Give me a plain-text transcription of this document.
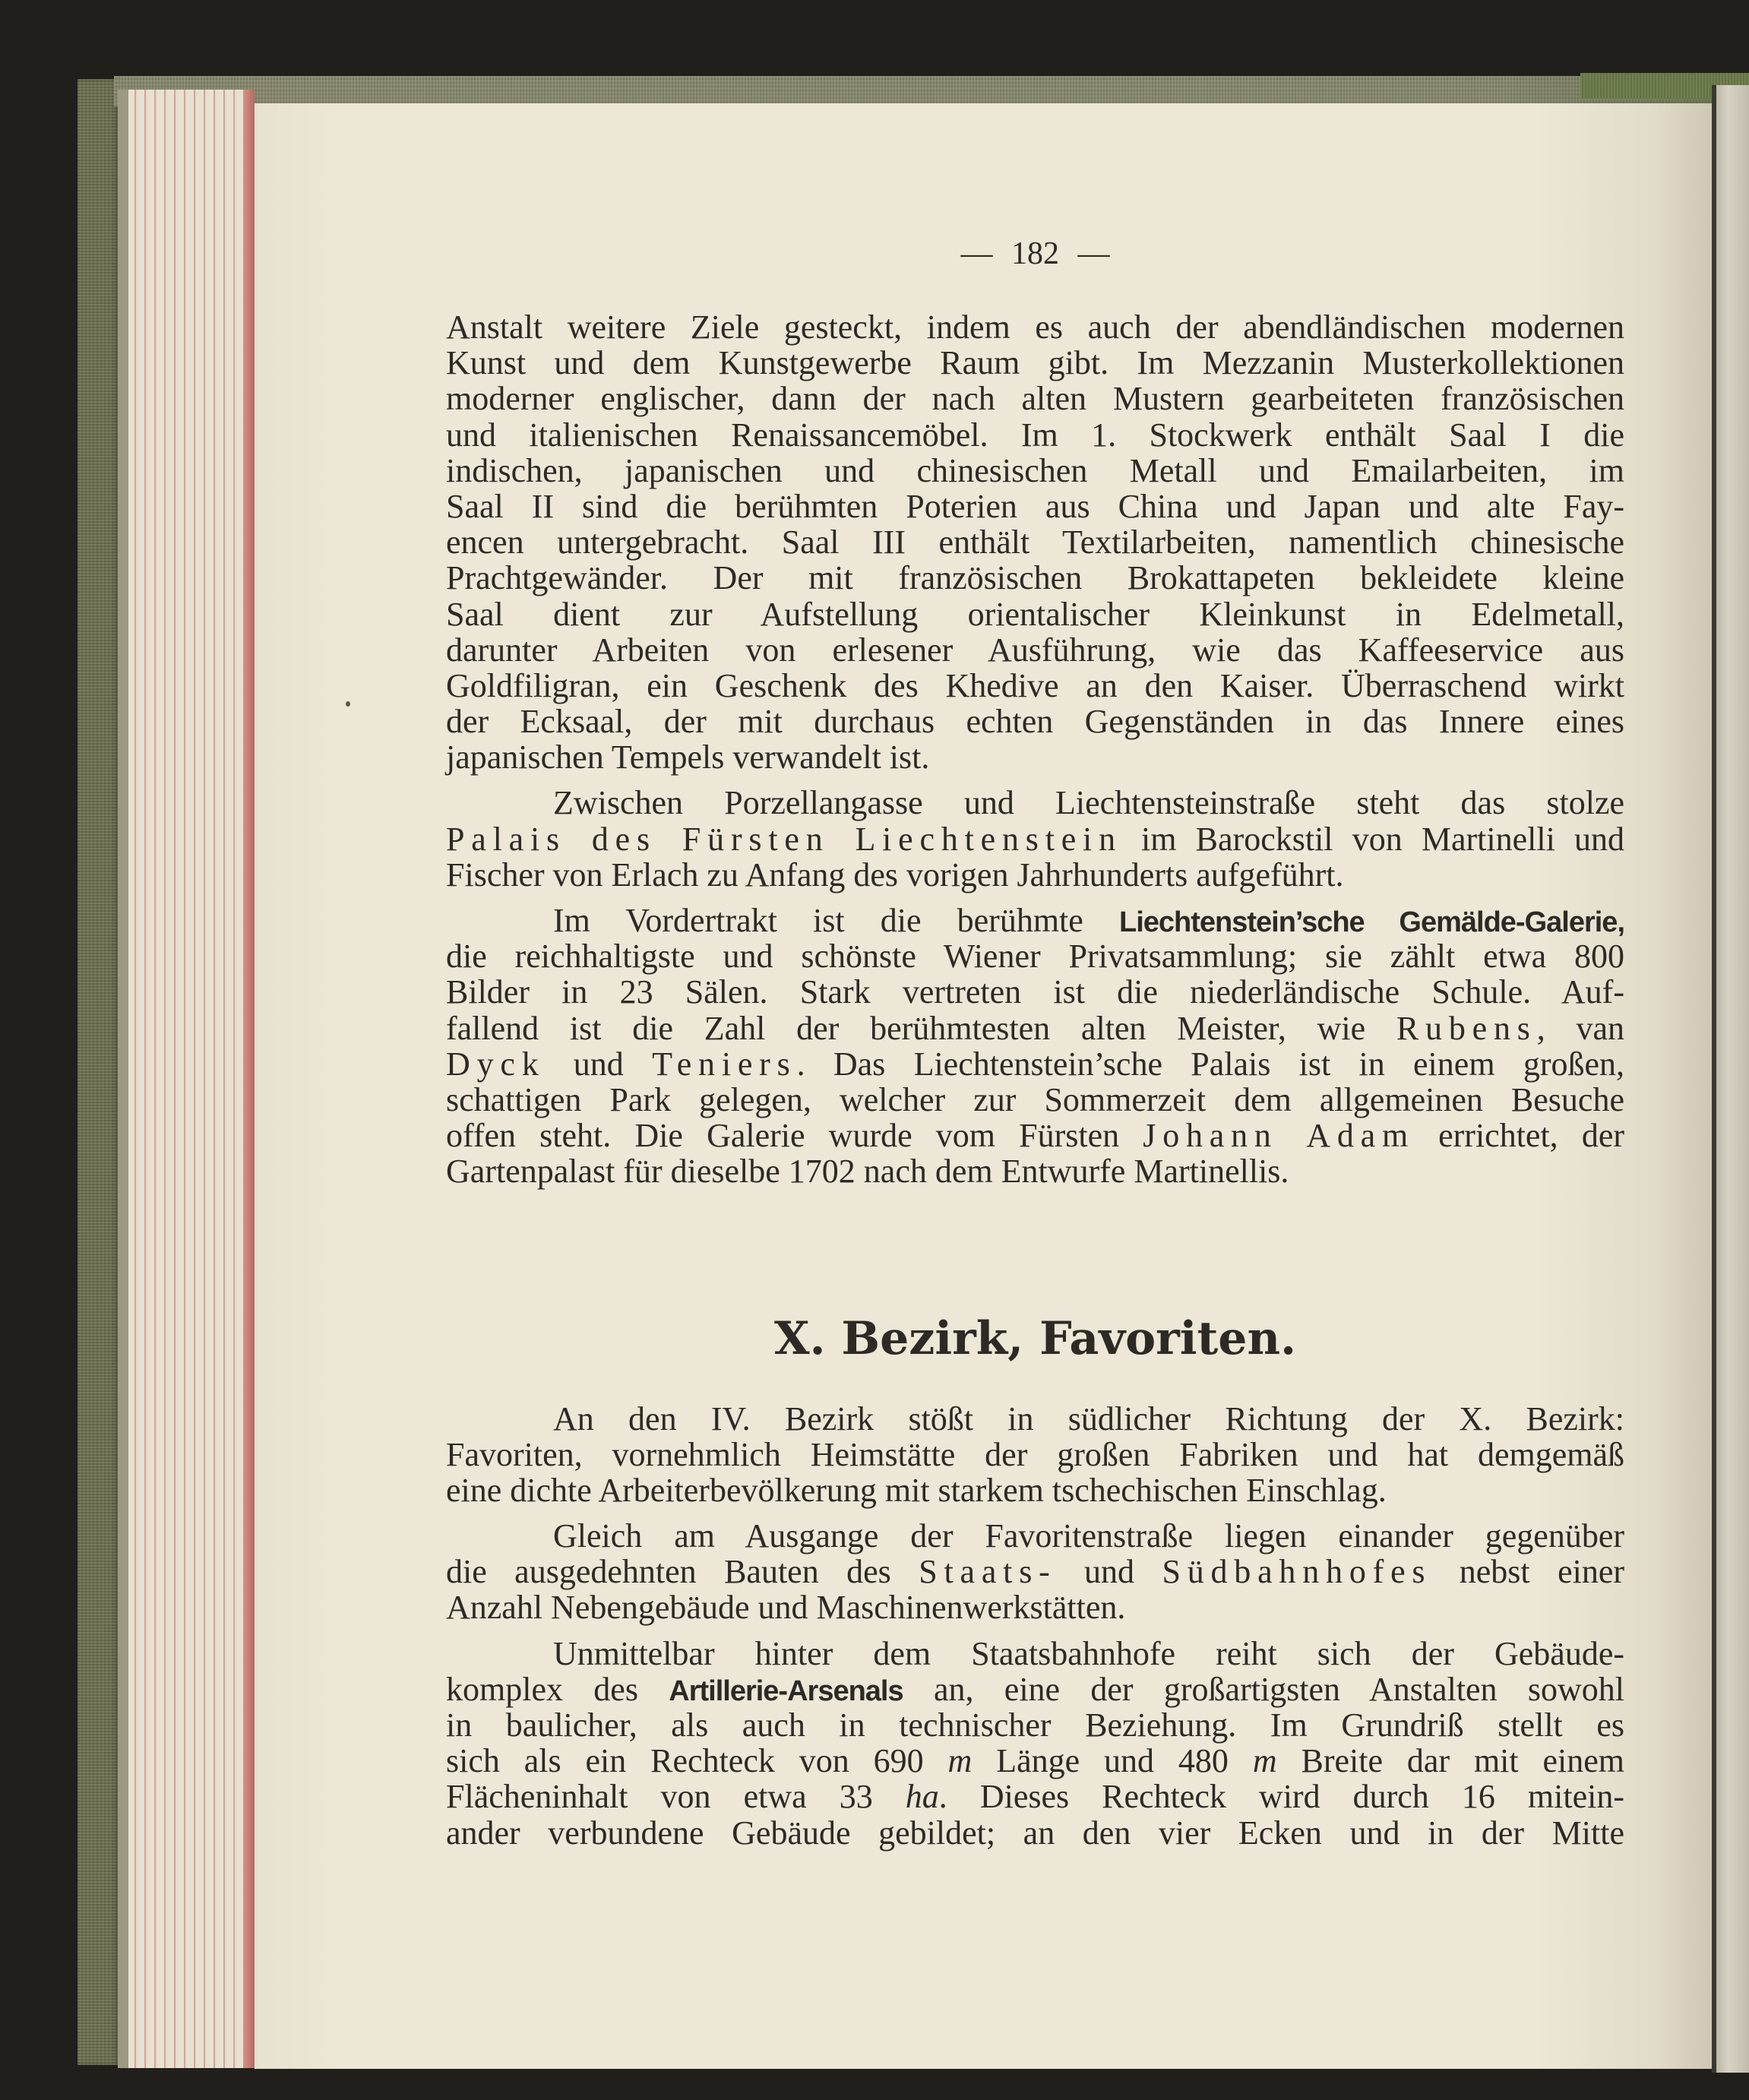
— 182 —
Anstalt weitere Ziele gesteckt, indem es auch der abendländischen modernen
Kunst und dem Kunstgewerbe Raum gibt. Im Mezzanin Musterkollektionen
moderner englischer, dann der nach alten Mustern gearbeiteten französischen
und italienischen Renaissancemöbel. Im 1. Stockwerk enthält Saal I die
indischen, japanischen und chinesischen Metall und Emailarbeiten, im
Saal II sind die berühmten Poterien aus China und Japan und alte Fay-
encen untergebracht. Saal III enthält Textilarbeiten, namentlich chinesische
Prachtgewänder. Der mit französischen Brokattapeten bekleidete kleine
Saal dient zur Aufstellung orientalischer Kleinkunst in Edelmetall,
darunter Arbeiten von erlesener Ausführung, wie das Kaffeeservice aus
Goldfiligran, ein Geschenk des Khedive an den Kaiser. Überraschend wirkt
der Ecksaal, der mit durchaus echten Gegenständen in das Innere eines
japanischen Tempels verwandelt ist.
Zwischen Porzellangasse und Liechtensteinstraße steht das stolze
Palais des Fürsten Liechtenstein im Barockstil von Martinelli und
Fischer von Erlach zu Anfang des vorigen Jahrhunderts aufgeführt.
Im Vordertrakt ist die berühmte Liechtenstein’sche Gemälde-Galerie,
die reichhaltigste und schönste Wiener Privatsammlung; sie zählt etwa 800
Bilder in 23 Sälen. Stark vertreten ist die niederländische Schule. Auf-
fallend ist die Zahl der berühmtesten alten Meister, wie Rubens, van
Dyck und Teniers. Das Liechtenstein’sche Palais ist in einem großen,
schattigen Park gelegen, welcher zur Sommerzeit dem allgemeinen Besuche
offen steht. Die Galerie wurde vom Fürsten Johann Adam errichtet, der
Gartenpalast für dieselbe 1702 nach dem Entwurfe Martinellis.
X. Bezirk, Favoriten.
An den IV. Bezirk stößt in südlicher Richtung der X. Bezirk:
Favoriten, vornehmlich Heimstätte der großen Fabriken und hat demgemäß
eine dichte Arbeiterbevölkerung mit starkem tschechischen Einschlag.
Gleich am Ausgange der Favoritenstraße liegen einander gegenüber
die ausgedehnten Bauten des Staats- und Südbahnhofes nebst einer
Anzahl Nebengebäude und Maschinenwerkstätten.
Unmittelbar hinter dem Staatsbahnhofe reiht sich der Gebäude-
komplex des Artillerie-Arsenals an, eine der großartigsten Anstalten sowohl
in baulicher, als auch in technischer Beziehung. Im Grundriß stellt es
sich als ein Rechteck von 690 m Länge und 480 m Breite dar mit einem
Flächeninhalt von etwa 33 ha. Dieses Rechteck wird durch 16 mitein-
ander verbundene Gebäude gebildet; an den vier Ecken und in der Mitte
